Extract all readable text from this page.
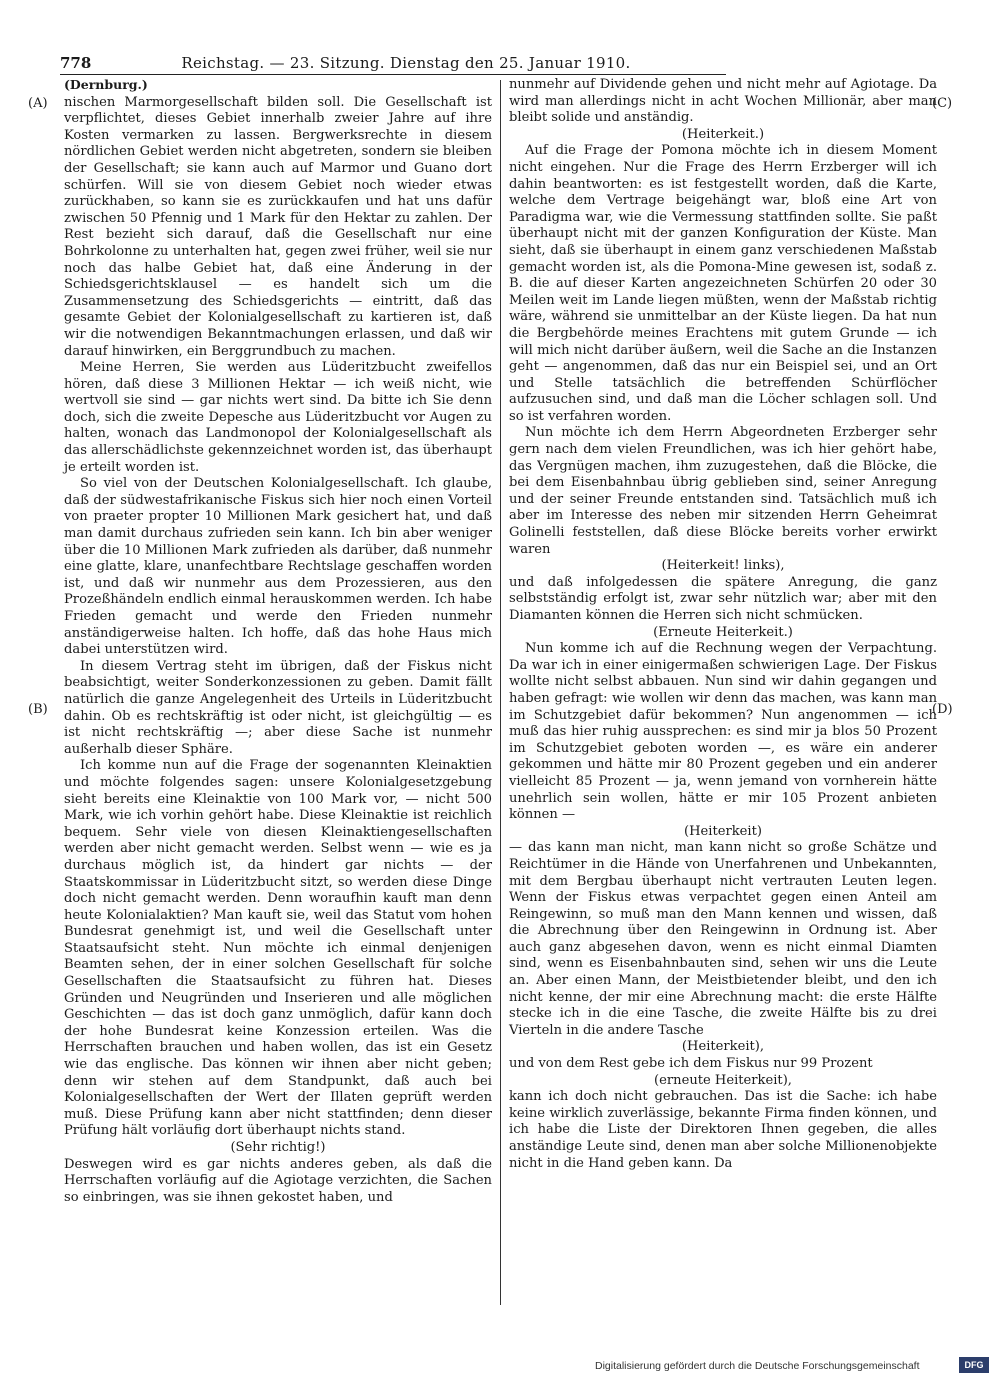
778	Reichstag. — 23. Sitzung. Dienstag den 25. Januar 1910.
(A)
(B)
(C)
(D)

(Dernburg.)

nischen Marmorgesellschaft bilden soll. Die Gesellschaft ist verpflichtet, dieses Gebiet innerhalb zweier Jahre auf ihre Kosten vermarken zu lassen. Bergwerksrechte in diesem nördlichen Gebiet werden nicht abgetreten, sondern sie bleiben der Gesellschaft; sie kann auch auf Marmor und Guano dort schürfen. Will sie von diesem Gebiet noch wieder etwas zurückhaben, so kann sie es zurückkaufen und hat uns dafür zwischen 50 Pfennig und 1 Mark für den Hektar zu zahlen. Der Rest bezieht sich darauf, daß die Gesellschaft nur eine Bohrkolonne zu unterhalten hat, gegen zwei früher, weil sie nur noch das halbe Gebiet hat, daß eine Änderung in der Schiedsgerichtsklausel — es handelt sich um die Zusammensetzung des Schiedsgerichts — eintritt, daß das gesamte Gebiet der Kolonialgesellschaft zu kartieren ist, daß wir die notwendigen Bekanntmachungen erlassen, und daß wir darauf hinwirken, ein Berggrundbuch zu machen.

Meine Herren, Sie werden aus Lüderitzbucht zweifellos hören, daß diese 3 Millionen Hektar — ich weiß nicht, wie wertvoll sie sind — gar nichts wert sind. Da bitte ich Sie denn doch, sich die zweite Depesche aus Lüderitzbucht vor Augen zu halten, wonach das Landmonopol der Kolonialgesellschaft als das allerschädlichste gekennzeichnet worden ist, das überhaupt je erteilt worden ist.

So viel von der Deutschen Kolonialgesellschaft. Ich glaube, daß der südwestafrikanische Fiskus sich hier noch einen Vorteil von praeter propter 10 Millionen Mark gesichert hat, und daß man damit durchaus zufrieden sein kann. Ich bin aber weniger über die 10 Millionen Mark zufrieden als darüber, daß nunmehr eine glatte, klare, unanfechtbare Rechtslage geschaffen worden ist, und daß wir nunmehr aus dem Prozessieren, aus den Prozeßhändeln endlich einmal herauskommen werden. Ich habe Frieden gemacht und werde den Frieden nunmehr anständigerweise halten. Ich hoffe, daß das hohe Haus mich dabei unterstützen wird.

In diesem Vertrag steht im übrigen, daß der Fiskus nicht beabsichtigt, weiter Sonderkonzessionen zu geben. Damit fällt natürlich die ganze Angelegenheit des Urteils in Lüderitzbucht dahin. Ob es rechtskräftig ist oder nicht, ist gleichgültig — es ist nicht rechtskräftig —; aber diese Sache ist nunmehr außerhalb dieser Sphäre.

Ich komme nun auf die Frage der sogenannten Kleinaktien und möchte folgendes sagen: unsere Kolonialgesetzgebung sieht bereits eine Kleinaktie von 100 Mark vor, — nicht 500 Mark, wie ich vorhin gehört habe. Diese Kleinaktie ist reichlich bequem. Sehr viele von diesen Kleinaktiengesellschaften werden aber nicht gemacht werden. Selbst wenn — wie es ja durchaus möglich ist, da hindert gar nichts — der Staatskommissar in Lüderitzbucht sitzt, so werden diese Dinge doch nicht gemacht werden. Denn woraufhin kauft man denn heute Kolonialaktien? Man kauft sie, weil das Statut vom hohen Bundesrat genehmigt ist, und weil die Gesellschaft unter Staatsaufsicht steht. Nun möchte ich einmal denjenigen Beamten sehen, der in einer solchen Gesellschaft für solche Gesellschaften die Staatsaufsicht zu führen hat. Dieses Gründen und Neugründen und Inserieren und alle möglichen Geschichten — das ist doch ganz unmöglich, dafür kann doch der hohe Bundesrat keine Konzession erteilen. Was die Herrschaften brauchen und haben wollen, das ist ein Gesetz wie das englische. Das können wir ihnen aber nicht geben; denn wir stehen auf dem Standpunkt, daß auch bei Kolonialgesellschaften der Wert der Illaten geprüft werden muß. Diese Prüfung kann aber nicht stattfinden; denn dieser Prüfung hält vorläufig dort überhaupt nichts stand.

(Sehr richtig!)

Deswegen wird es gar nichts anderes geben, als daß die Herrschaften vorläufig auf die Agiotage verzichten, die Sachen so einbringen, was sie ihnen gekostet haben, und

nunmehr auf Dividende gehen und nicht mehr auf Agiotage. Da wird man allerdings nicht in acht Wochen Millionär, aber man bleibt solide und anständig.

(Heiterkeit.)

Auf die Frage der Pomona möchte ich in diesem Moment nicht eingehen. Nur die Frage des Herrn Erzberger will ich dahin beantworten: es ist festgestellt worden, daß die Karte, welche dem Vertrage beigehängt war, bloß eine Art von Paradigma war, wie die Vermessung stattfinden sollte. Sie paßt überhaupt nicht mit der ganzen Konfiguration der Küste. Man sieht, daß sie überhaupt in einem ganz verschiedenen Maßstab gemacht worden ist, als die Pomona-Mine gewesen ist, sodaß z. B. die auf dieser Karten angezeichneten Schürfen 20 oder 30 Meilen weit im Lande liegen müßten, wenn der Maßstab richtig wäre, während sie unmittelbar an der Küste liegen. Da hat nun die Bergbehörde meines Erachtens mit gutem Grunde — ich will mich nicht darüber äußern, weil die Sache an die Instanzen geht — angenommen, daß das nur ein Beispiel sei, und an Ort und Stelle tatsächlich die betreffenden Schürflöcher aufzusuchen sind, und daß man die Löcher schlagen soll. Und so ist verfahren worden.

Nun möchte ich dem Herrn Abgeordneten Erzberger sehr gern nach dem vielen Freundlichen, was ich hier gehört habe, das Vergnügen machen, ihm zuzugestehen, daß die Blöcke, die bei dem Eisenbahnbau übrig geblieben sind, seiner Anregung und der seiner Freunde entstanden sind. Tatsächlich muß ich aber im Interesse des neben mir sitzenden Herrn Geheimrat Golinelli feststellen, daß diese Blöcke bereits vorher erwirkt waren

(Heiterkeit! links),

und daß infolgedessen die spätere Anregung, die ganz selbstständig erfolgt ist, zwar sehr nützlich war; aber mit den Diamanten können die Herren sich nicht schmücken.

(Erneute Heiterkeit.)

Nun komme ich auf die Rechnung wegen der Verpachtung. Da war ich in einer einigermaßen schwierigen Lage. Der Fiskus wollte nicht selbst abbauen. Nun sind wir dahin gegangen und haben gefragt: wie wollen wir denn das machen, was kann man im Schutzgebiet dafür bekommen? Nun angenommen — ich muß das hier ruhig aussprechen: es sind mir ja blos 50 Prozent im Schutzgebiet geboten worden —, es wäre ein anderer gekommen und hätte mir 80 Prozent gegeben und ein anderer vielleicht 85 Prozent — ja, wenn jemand von vornherein hätte unehrlich sein wollen, hätte er mir 105 Prozent anbieten können —

(Heiterkeit)

— das kann man nicht, man kann nicht so große Schätze und Reichtümer in die Hände von Unerfahrenen und Unbekannten, mit dem Bergbau überhaupt nicht vertrauten Leuten legen. Wenn der Fiskus etwas verpachtet gegen einen Anteil am Reingewinn, so muß man den Mann kennen und wissen, daß die Abrechnung über den Reingewinn in Ordnung ist. Aber auch ganz abgesehen davon, wenn es nicht einmal Diamten sind, wenn es Eisenbahnbauten sind, sehen wir uns die Leute an. Aber einen Mann, der Meistbietender bleibt, und den ich nicht kenne, der mir eine Abrechnung macht: die erste Hälfte stecke ich in die eine Tasche, die zweite Hälfte bis zu drei Vierteln in die andere Tasche

(Heiterkeit),

und von dem Rest gebe ich dem Fiskus nur 99 Prozent

(erneute Heiterkeit),

kann ich doch nicht gebrauchen. Das ist die Sache: ich habe keine wirklich zuverlässige, bekannte Firma finden können, und ich habe die Liste der Direktoren Ihnen gegeben, die alles anständige Leute sind, denen man aber solche Millionenobjekte nicht in die Hand geben kann. Da

Digitalisierung gefördert durch die Deutsche Forschungsgemeinschaft	DFG
